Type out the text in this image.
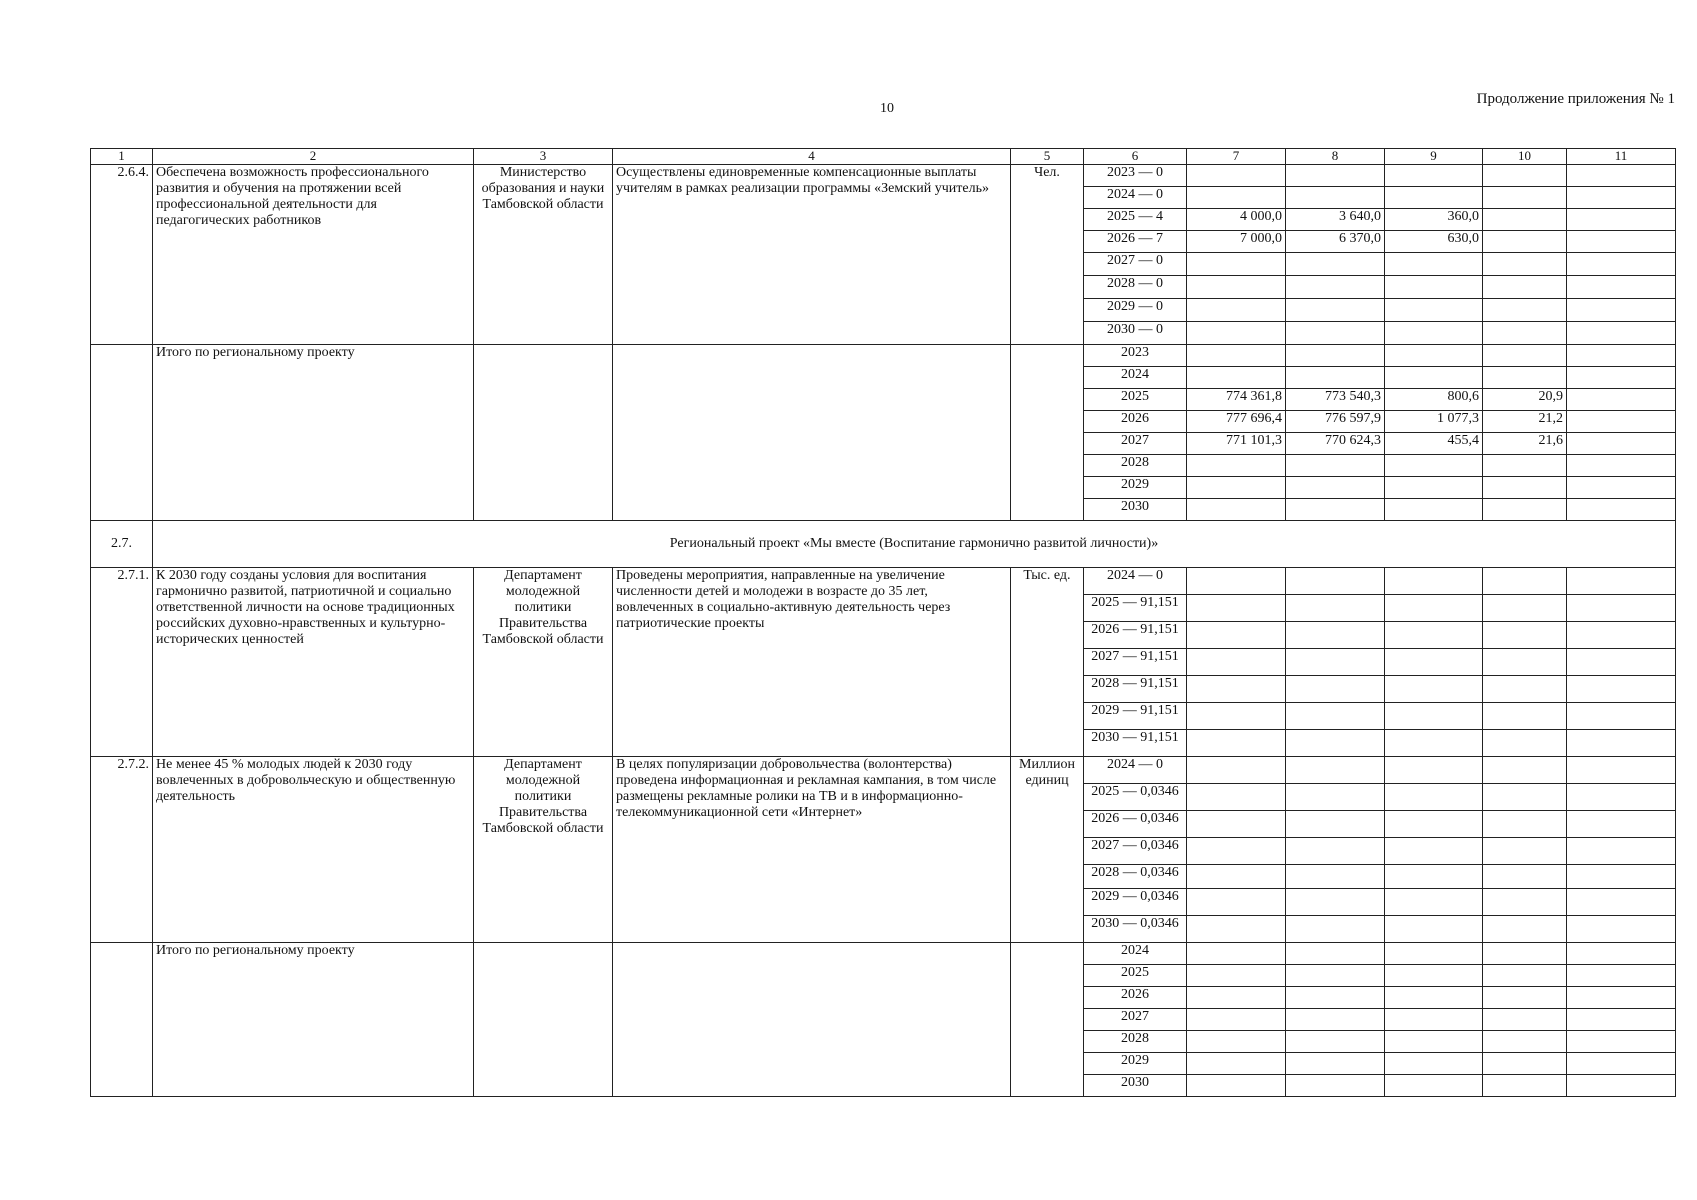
10
Продолжение приложения № 1
1	2	3	4	5	6	7	8	9	10	11
2.6.4.	Обеспечена возможность профессионального развития и обучения на протяжении всей профессиональной деятельности для педагогических работников	Министерство образования и науки Тамбовской области	Осуществлены единовременные компенсационные выплаты учителям в рамках реализации программы «Земский учитель»	Чел.	2023 — 0					
					2024 — 0					
					2025 — 4	4 000,0	3 640,0	360,0		
					2026 — 7	7 000,0	6 370,0	630,0		
					2027 — 0					
					2028 — 0					
					2029 — 0					
					2030 — 0					
	Итого по региональному проекту				2023					
					2024					
					2025	774 361,8	773 540,3	800,6	20,9	
					2026	777 696,4	776 597,9	1 077,3	21,2	
					2027	771 101,3	770 624,3	455,4	21,6	
					2028					
					2029					
					2030					
2.7.	Региональный проект «Мы вместе (Воспитание гармонично развитой личности)»									
2.7.1.	К 2030 году созданы условия для воспитания гармонично развитой, патриотичной и социально ответственной личности на основе традиционных российских духовно-нравственных и культурно-исторических ценностей	Департамент молодежной политики Правительства Тамбовской области	Проведены мероприятия, направленные на увеличение численности детей и молодежи в возрасте до 35 лет, вовлеченных в социально-активную деятельность через патриотические проекты	Тыс. ед.	2024 — 0					
					2025 — 91,151					
					2026 — 91,151					
					2027 — 91,151					
					2028 — 91,151					
					2029 — 91,151					
					2030 — 91,151					
2.7.2.	Не менее 45 % молодых людей к 2030 году вовлеченных в добровольческую и общественную деятельность	Департамент молодежной политики Правительства Тамбовской области	В целях популяризации добровольчества (волонтерства) проведена информационная и рекламная кампания, в том числе размещены рекламные ролики на ТВ и в информационно-телекоммуникационной сети «Интернет»	Миллион единиц	2024 — 0					
					2025 — 0,0346					
					2026 — 0,0346					
					2027 — 0,0346					
					2028 — 0,0346					
					2029 — 0,0346					
					2030 — 0,0346					
	Итого по региональному проекту				2024					
					2025					
					2026					
					2027					
					2028					
					2029					
					2030					
